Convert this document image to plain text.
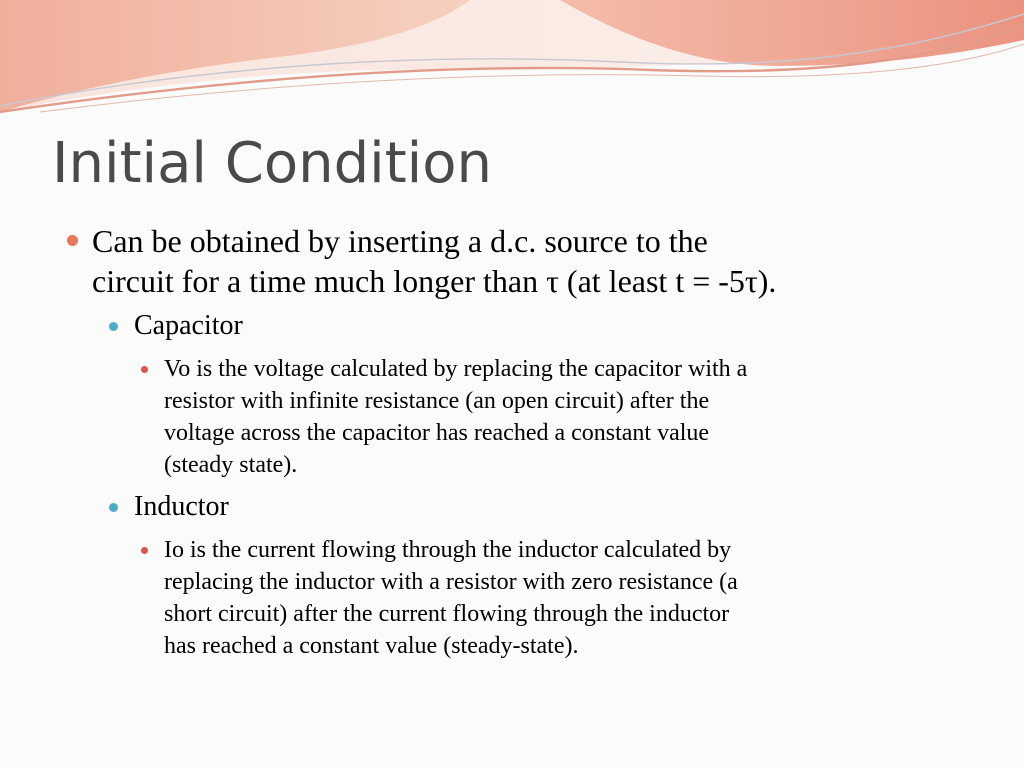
Initial Condition

Can be obtained by inserting a d.c. source to the
circuit for a time much longer than τ (at least t = -5τ).

Capacitor

Vo is the voltage calculated by replacing the capacitor with a
resistor with infinite resistance (an open circuit) after the
voltage across the capacitor has reached a constant value
(steady state).

Inductor

Io is the current flowing through the inductor calculated by
replacing the inductor with a resistor with zero resistance (a
short circuit) after the current flowing through the inductor
has reached a constant value (steady-state).
